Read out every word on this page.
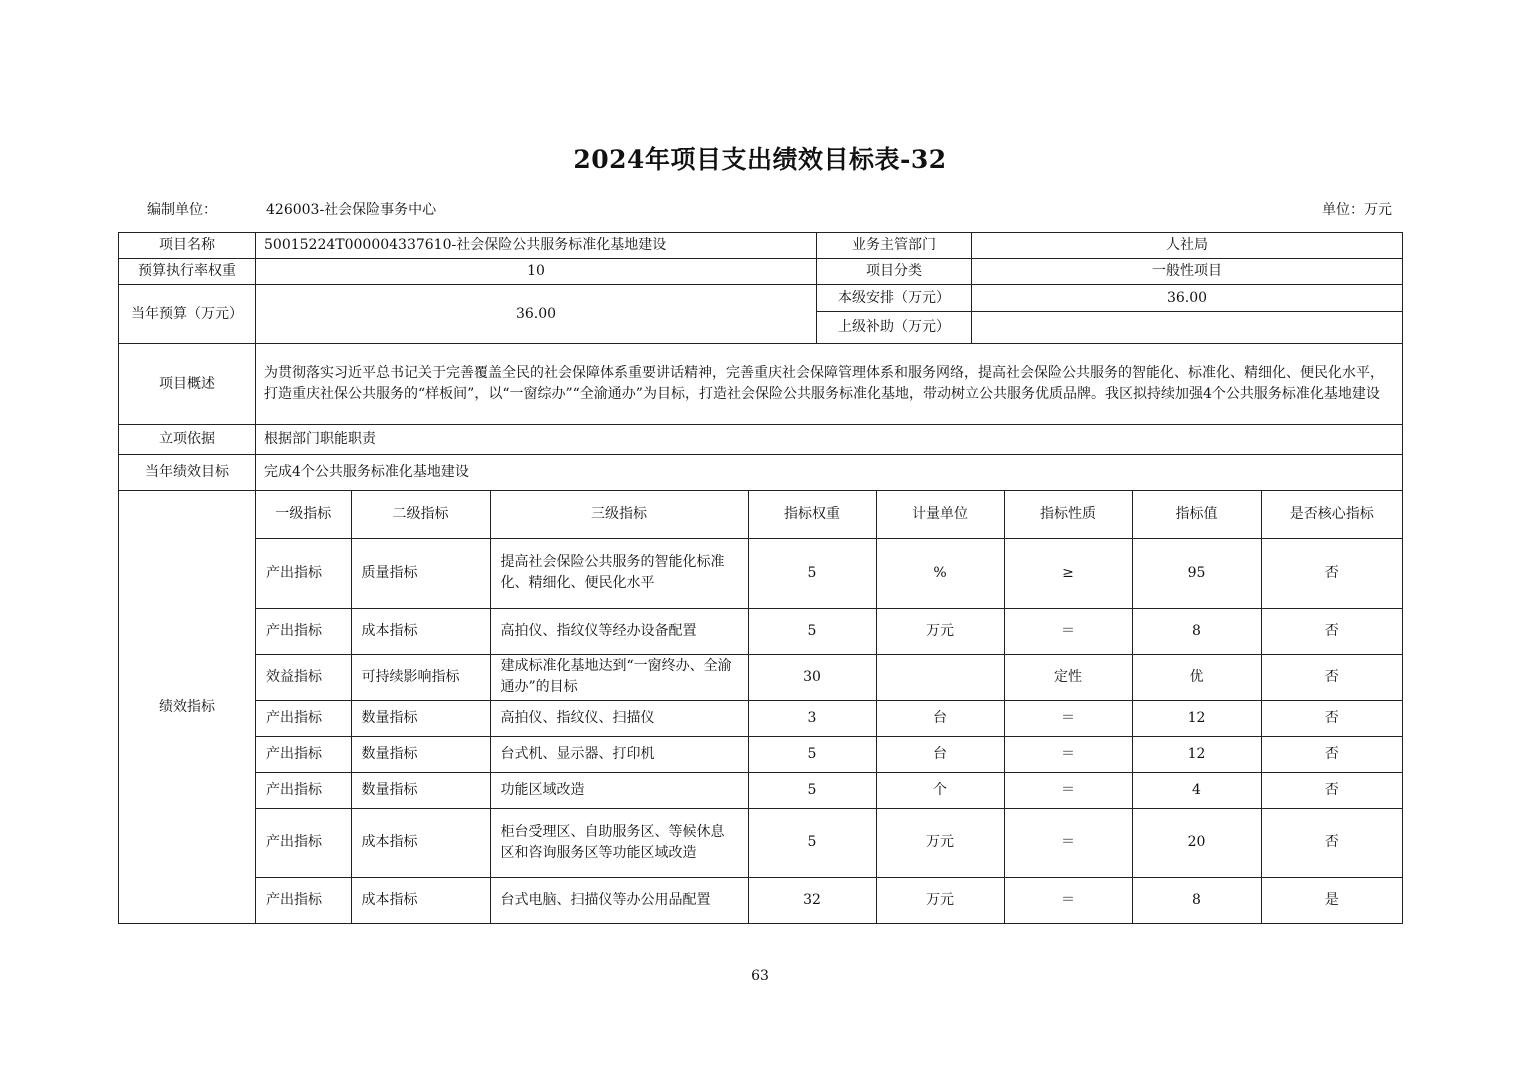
2024年项目支出绩效目标表-32
编制单位：	426003-社会保险事务中心	单位：万元
项目名称	50015224T000004337610-社会保险公共服务标准化基地建设	业务主管部门	人社局
预算执行率权重	10	项目分类	一般性项目
当年预算（万元）	36.00	本级安排（万元）	36.00
上级补助（万元）	
项目概述	为贯彻落实习近平总书记关于完善覆盖全民的社会保障体系重要讲话精神，完善重庆社会保障管理体系和服务网络，提高社会保险公共服务的智能化、标准化、精细化、便民化水平，打造重庆社保公共服务的“样板间”，以“一窗综办”“全渝通办”为目标，打造社会保险公共服务标准化基地，带动树立公共服务优质品牌。我区拟持续加强4个公共服务标准化基地建设
立项依据	根据部门职能职责
当年绩效目标	完成4个公共服务标准化基地建设
绩效指标	
一级指标	二级指标	三级指标	指标权重	计量单位	指标性质	指标值	是否核心指标
产出指标	质量指标	提高社会保险公共服务的智能化标准化、精细化、便民化水平	5	%	≥	95	否
产出指标	成本指标	高拍仪、指纹仪等经办设备配置	5	万元	＝	8	否
效益指标	可持续影响指标	建成标准化基地达到“一窗终办、全渝通办”的目标	30		定性	优	否
产出指标	数量指标	高拍仪、指纹仪、扫描仪	3	台	＝	12	否
产出指标	数量指标	台式机、显示器、打印机	5	台	＝	12	否
产出指标	数量指标	功能区域改造	5	个	＝	4	否
产出指标	成本指标	柜台受理区、自助服务区、等候休息区和咨询服务区等功能区域改造	5	万元	＝	20	否
产出指标	成本指标	台式电脑、扫描仪等办公用品配置	32	万元	＝	8	是
63
